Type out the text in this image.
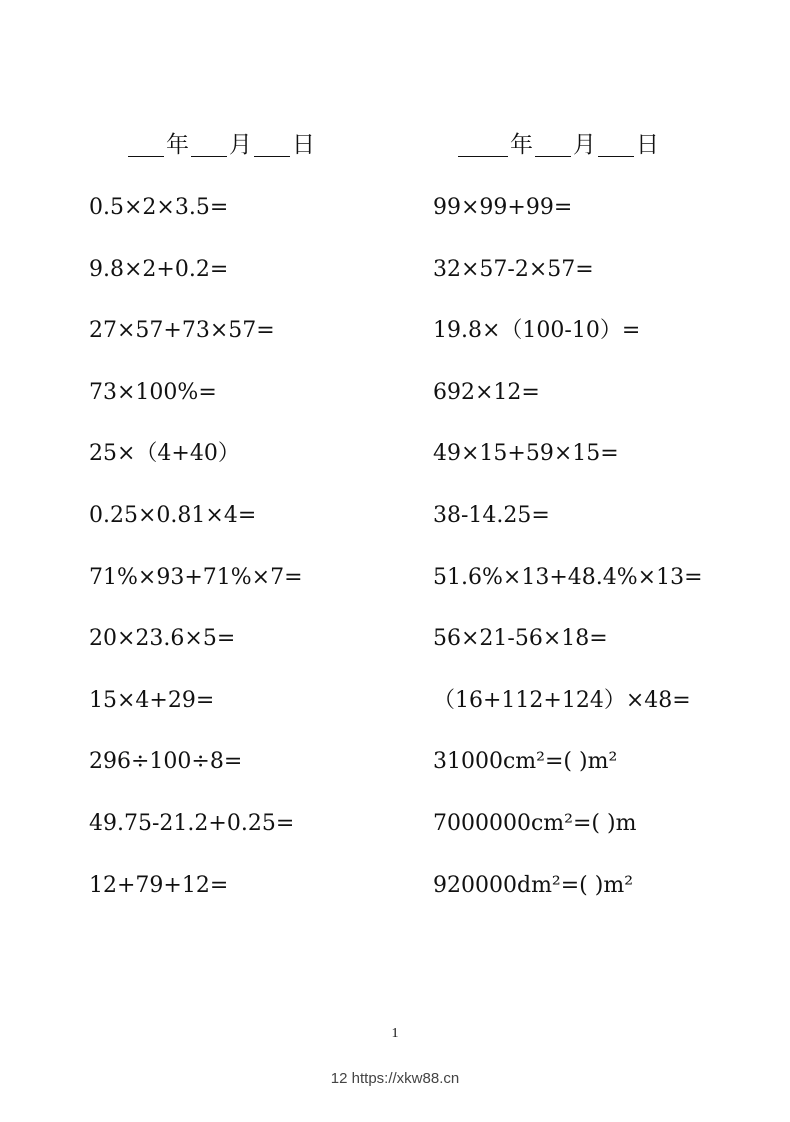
年 月 日	年 月 日
0.5×2×3.5=
9.8×2+0.2=
27×57+73×57=
73×100%=
25×（4+40）
0.25×0.81×4=
71%×93+71%×7=
20×23.6×5=
15×4+29=
296÷100÷8=
49.75-21.2+0.25=
12+79+12=
99×99+99=
32×57-2×57=
19.8×（100-10）=
692×12=
49×15+59×15=
38-14.25=
51.6%×13+48.4%×13=
56×21-56×18=
（16+112+124）×48=
31000cm²=( )m²
7000000cm²=( )m
920000dm²=( )m²
1
12 https://xkw88.cn
